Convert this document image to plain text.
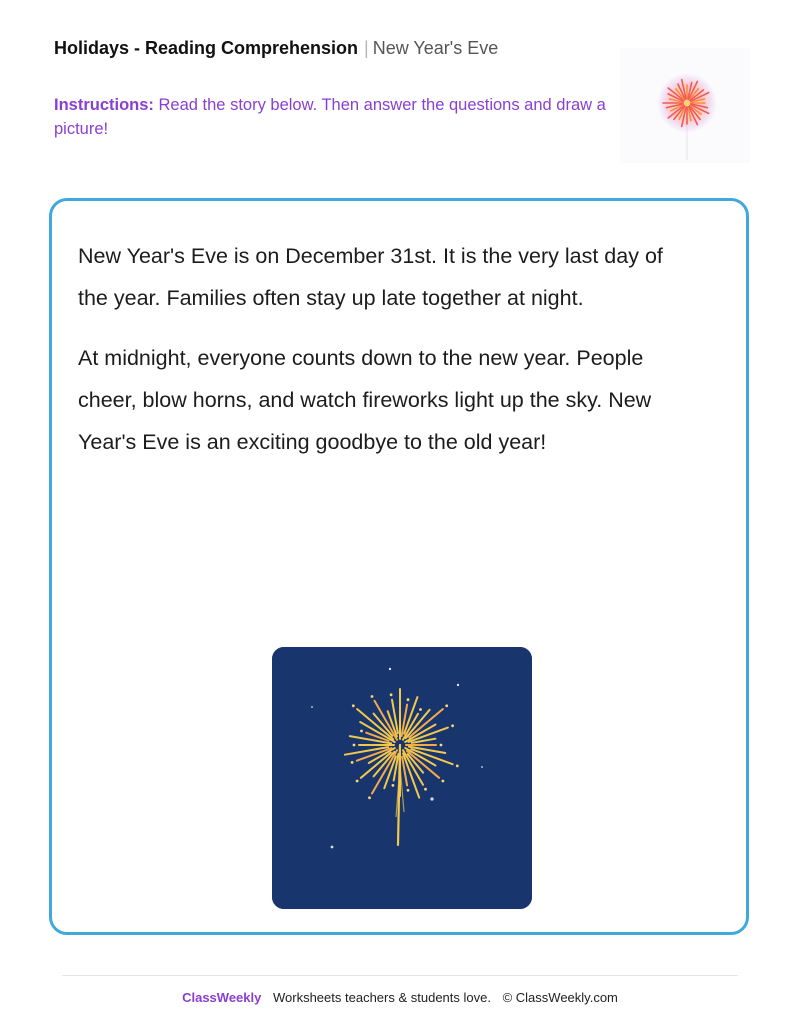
Holidays - Reading Comprehension | New Year's Eve
Instructions: Read the story below. Then answer the questions and draw a picture!

New Year's Eve is on December 31st. It is the very last day of the year. Families often stay up late together at night.

At midnight, everyone counts down to the new year. People cheer, blow horns, and watch fireworks light up the sky. New Year's Eve is an exciting goodbye to the old year!

ClassWeekly Worksheets teachers & students love. © ClassWeekly.com
